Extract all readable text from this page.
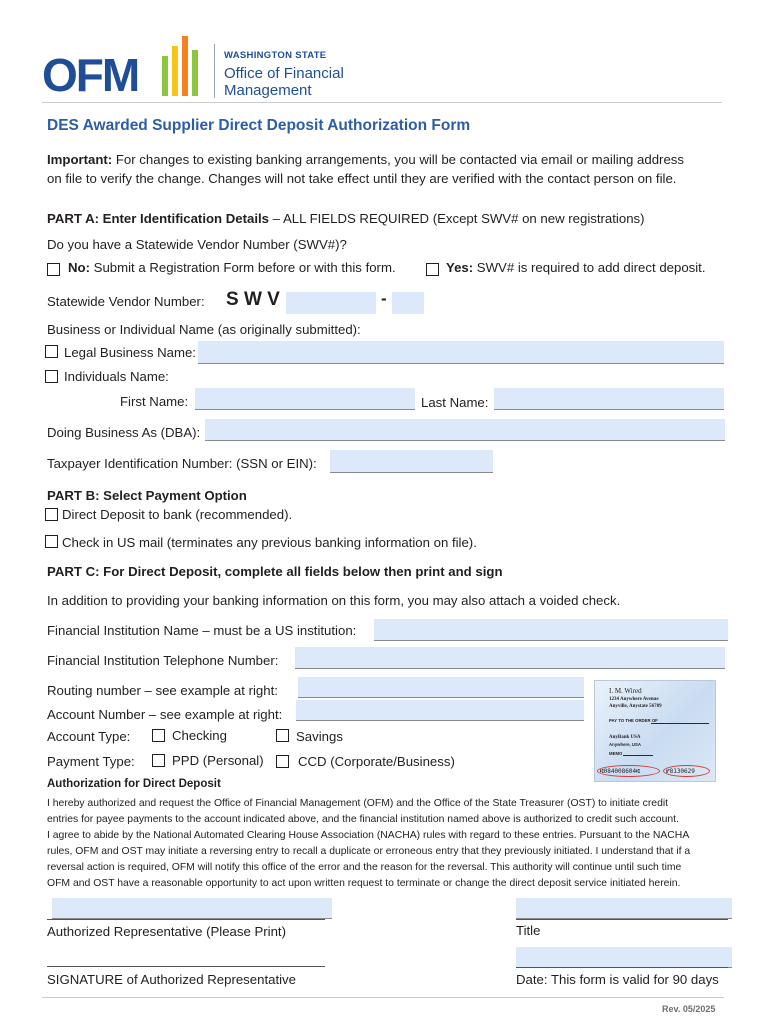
OFM	WASHINGTON STATE
Office of Financial
Management
DES Awarded Supplier Direct Deposit Authorization Form
Important: For changes to existing banking arrangements, you will be contacted via email or mailing address
on file to verify the change. Changes will not take effect until they are verified with the contact person on file.
PART A: Enter Identification Details – ALL FIELDS REQUIRED (Except SWV# on new registrations)
Do you have a Statewide Vendor Number (SWV#)?
No: Submit a Registration Form before or with this form.	Yes: SWV# is required to add direct deposit.
Statewide Vendor Number: S W V	-
Business or Individual Name (as originally submitted):
Legal Business Name:
Individuals Name:
First Name:	Last Name:
Doing Business As (DBA):
Taxpayer Identification Number: (SSN or EIN):
PART B: Select Payment Option
Direct Deposit to bank (recommended).
Check in US mail (terminates any previous banking information on file).
PART C: For Direct Deposit, complete all fields below then print and sign
In addition to providing your banking information on this form, you may also attach a voided check.
Financial Institution Name – must be a US institution:
Financial Institution Telephone Number:
Routing number – see example at right:
Account Number – see example at right:
Account Type:	Checking	Savings
Payment Type:	PPD (Personal)	CCD (Corporate/Business)
I. M. Wired
1234 Anywhere Avenue
Anyville, Anystate 56789
PAY TO THE ORDER OF
AnyBank USA
Anywhere, USA
MEMO
⑆084008604⑆	⑈8130629
Authorization for Direct Deposit
I hereby authorized and request the Office of Financial Management (OFM) and the Office of the State Treasurer (OST) to initiate credit
entries for payee payments to the account indicated above, and the financial institution named above is authorized to credit such account.
I agree to abide by the National Automated Clearing House Association (NACHA) rules with regard to these entries. Pursuant to the NACHA
rules, OFM and OST may initiate a reversing entry to recall a duplicate or erroneous entry that they previously initiated. I understand that if a
reversal action is required, OFM will notify this office of the error and the reason for the reversal. This authority will continue until such time
OFM and OST have a reasonable opportunity to act upon written request to terminate or change the direct deposit service initiated herein.
Authorized Representative (Please Print)	Title
SIGNATURE of Authorized Representative	Date: This form is valid for 90 days
Rev. 05/2025
